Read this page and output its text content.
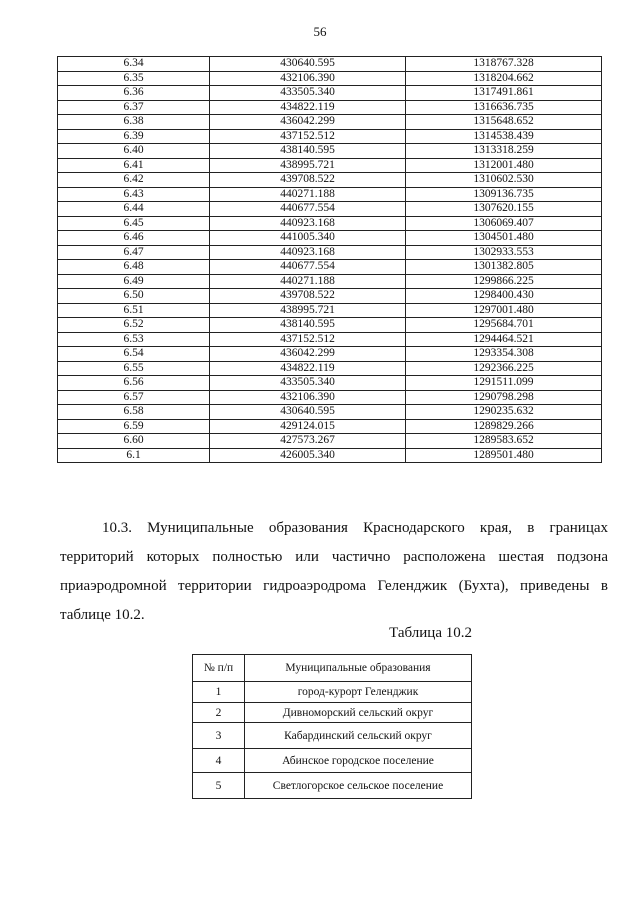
56
6.34	430640.595	1318767.328
6.35	432106.390	1318204.662
6.36	433505.340	1317491.861
6.37	434822.119	1316636.735
6.38	436042.299	1315648.652
6.39	437152.512	1314538.439
6.40	438140.595	1313318.259
6.41	438995.721	1312001.480
6.42	439708.522	1310602.530
6.43	440271.188	1309136.735
6.44	440677.554	1307620.155
6.45	440923.168	1306069.407
6.46	441005.340	1304501.480
6.47	440923.168	1302933.553
6.48	440677.554	1301382.805
6.49	440271.188	1299866.225
6.50	439708.522	1298400.430
6.51	438995.721	1297001.480
6.52	438140.595	1295684.701
6.53	437152.512	1294464.521
6.54	436042.299	1293354.308
6.55	434822.119	1292366.225
6.56	433505.340	1291511.099
6.57	432106.390	1290798.298
6.58	430640.595	1290235.632
6.59	429124.015	1289829.266
6.60	427573.267	1289583.652
6.1	426005.340	1289501.480
10.3. Муниципальные образования Краснодарского края, в границах территорий которых полностью или частично расположена шестая подзона приаэродромной территории гидроаэродрома Геленджик (Бухта), приведены в таблице 10.2.
Таблица 10.2
№ п/п	Муниципальные образования
1	город-курорт Геленджик
2	Дивноморский сельский округ
3	Кабардинский сельский округ
4	Абинское городское поселение
5	Светлогорское сельское поселение
